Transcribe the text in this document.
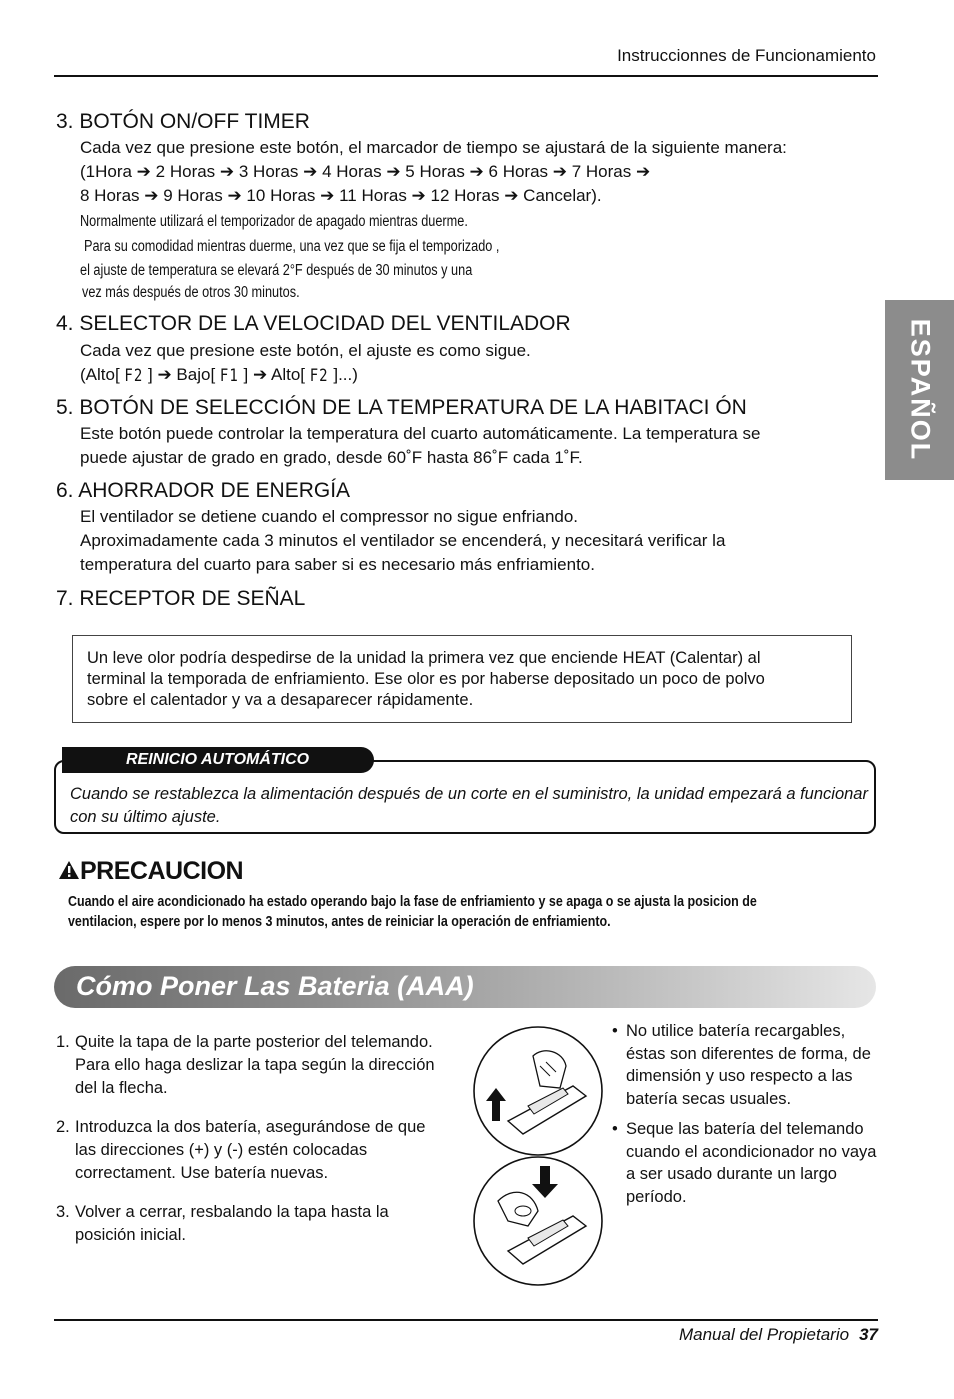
Instruccionnes de Funcionamiento
ESPAÑOL
3. BOTÓN ON/OFF TIMER
Cada vez que presione este botón, el marcador de tiempo se ajustará de la siguiente manera:
(1Hora ➔ 2 Horas ➔ 3 Horas ➔ 4 Horas ➔ 5 Horas ➔ 6 Horas ➔ 7 Horas ➔
8 Horas ➔ 9 Horas ➔ 10 Horas ➔ 11 Horas ➔ 12 Horas ➔ Cancelar).
Normalmente utilizará el temporizador de apagado mientras duerme.
Para su comodidad mientras duerme, una vez que se fija el temporizado ,
el ajuste de temperatura se elevará 2°F después de 30 minutos y una
vez más después de otros 30 minutos.
4. SELECTOR DE LA VELOCIDAD DEL VENTILADOR
Cada vez que presione este botón, el ajuste es como sigue.
(Alto[ F2 ] ➔ Bajo[ F1 ] ➔ Alto[ F2 ]...)
5. BOTÓN DE SELECCIÓN DE LA TEMPERATURA DE LA HABITACI ÓN
Este botón puede controlar la temperatura del cuarto automáticamente. La temperatura se
puede ajustar de grado en grado, desde 60˚F hasta 86˚F cada 1˚F.
6. AHORRADOR DE ENERGÍA
El ventilador se detiene cuando el compressor no sigue enfriando.
Aproximadamente cada 3 minutos el ventilador se encenderá, y necesitará verificar la
temperatura del cuarto para saber si es necesario más enfriamiento.
7. RECEPTOR DE SEÑAL
Un leve olor podría despedirse de la unidad la primera vez que enciende HEAT (Calentar) al
terminal la temporada de enfriamiento. Ese olor es por haberse depositado un poco de polvo
sobre el calentador y va a desaparecer rápidamente.
REINICIO AUTOMÁTICO
Cuando se restablezca la alimentación después de un corte en el suministro, la unidad empezará a funcionar con su último ajuste.
PRECAUCION
Cuando el aire acondicionado ha estado operando bajo la fase de enfriamiento y se apaga o se ajusta la posicion de
ventilacion, espere por lo menos 3 minutos, antes de reiniciar la operación de enfriamiento.
Cómo Poner Las Bateria (AAA)
1. Quite la tapa de la parte posterior del telemando. Para ello haga deslizar la tapa según la dirección del la flecha.
2. Introduzca la dos batería, asegurándose de que las direcciones (+) y (-) estén colocadas correctament. Use batería nuevas.
3. Volver a cerrar, resbalando la tapa hasta la posición inicial.
• No utilice batería recargables, éstas son diferentes de forma, de dimensión y uso respecto a las batería secas usuales.
• Seque las batería del telemando cuando el acondicionador no vaya a ser usado durante un largo período.
Manual del Propietario 37
